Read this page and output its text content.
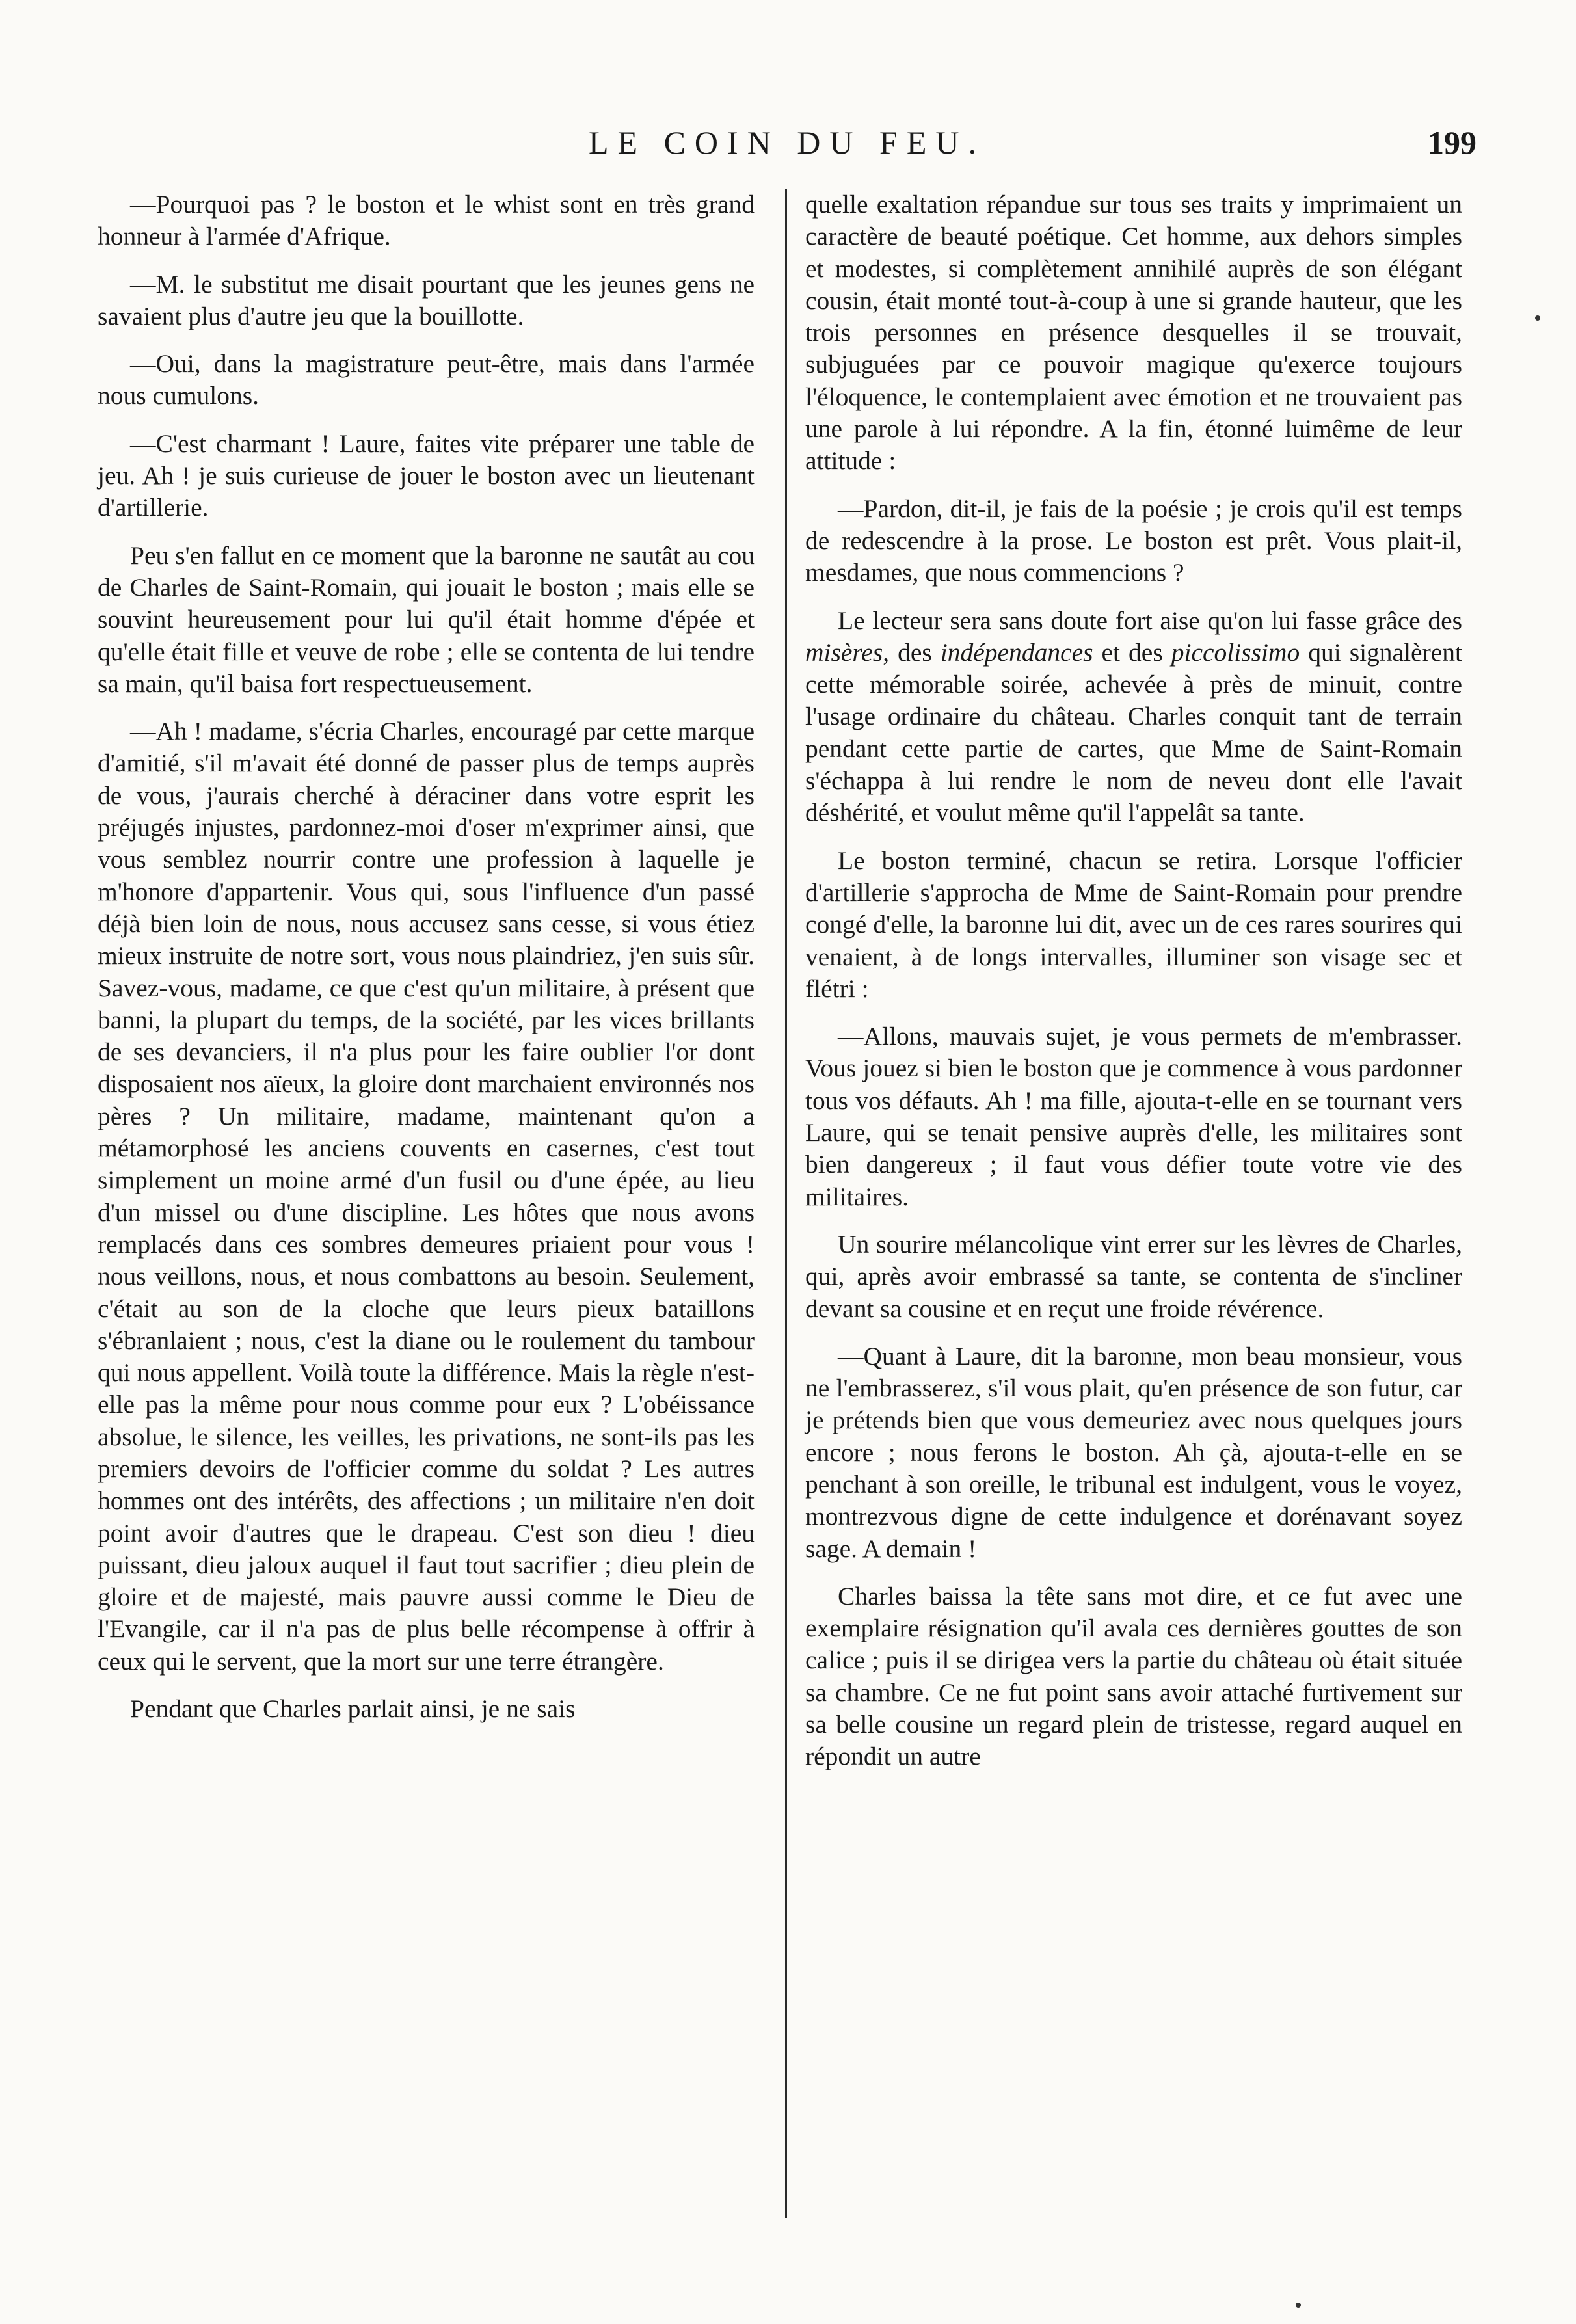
LE COIN DU FEU.	199

—Pourquoi pas ? le boston et le whist sont en très grand honneur à l'armée d'Afrique.

—M. le substitut me disait pourtant que les jeunes gens ne savaient plus d'autre jeu que la bouillotte.

—Oui, dans la magistrature peut-être, mais dans l'armée nous cumulons.

—C'est charmant ! Laure, faites vite préparer une table de jeu. Ah ! je suis curieuse de jouer le boston avec un lieutenant d'artillerie.

Peu s'en fallut en ce moment que la baronne ne sautât au cou de Charles de Saint-Romain, qui jouait le boston ; mais elle se souvint heureusement pour lui qu'il était homme d'épée et qu'elle était fille et veuve de robe ; elle se contenta de lui tendre sa main, qu'il baisa fort respectueusement.

—Ah ! madame, s'écria Charles, encouragé par cette marque d'amitié, s'il m'avait été donné de passer plus de temps auprès de vous, j'aurais cherché à déraciner dans votre esprit les préjugés injustes, pardonnez-moi d'oser m'exprimer ainsi, que vous semblez nourrir contre une profession à laquelle je m'honore d'appartenir. Vous qui, sous l'influence d'un passé déjà bien loin de nous, nous accusez sans cesse, si vous étiez mieux instruite de notre sort, vous nous plaindriez, j'en suis sûr. Savez-vous, madame, ce que c'est qu'un militaire, à présent que banni, la plupart du temps, de la société, par les vices brillants de ses devanciers, il n'a plus pour les faire oublier l'or dont disposaient nos aïeux, la gloire dont marchaient environnés nos pères ? Un militaire, madame, maintenant qu'on a métamorphosé les anciens couvents en casernes, c'est tout simplement un moine armé d'un fusil ou d'une épée, au lieu d'un missel ou d'une discipline. Les hôtes que nous avons remplacés dans ces sombres demeures priaient pour vous ! nous veillons, nous, et nous combattons au besoin. Seulement, c'était au son de la cloche que leurs pieux bataillons s'ébranlaient ; nous, c'est la diane ou le roulement du tambour qui nous appellent. Voilà toute la différence. Mais la règle n'est-elle pas la même pour nous comme pour eux ? L'obéissance absolue, le silence, les veilles, les privations, ne sont-ils pas les premiers devoirs de l'officier comme du soldat ? Les autres hommes ont des intérêts, des affections ; un militaire n'en doit point avoir d'autres que le drapeau. C'est son dieu ! dieu puissant, dieu jaloux auquel il faut tout sacrifier ; dieu plein de gloire et de majesté, mais pauvre aussi comme le Dieu de l'Evangile, car il n'a pas de plus belle récompense à offrir à ceux qui le servent, que la mort sur une terre étrangère.

Pendant que Charles parlait ainsi, je ne sais

quelle exaltation répandue sur tous ses traits y imprimaient un caractère de beauté poétique. Cet homme, aux dehors simples et modestes, si complètement annihilé auprès de son élégant cousin, était monté tout-à-coup à une si grande hauteur, que les trois personnes en présence desquelles il se trouvait, subjuguées par ce pouvoir magique qu'exerce toujours l'éloquence, le contemplaient avec émotion et ne trouvaient pas une parole à lui répondre. A la fin, étonné luimême de leur attitude :

—Pardon, dit-il, je fais de la poésie ; je crois qu'il est temps de redescendre à la prose. Le boston est prêt. Vous plait-il, mesdames, que nous commencions ?

Le lecteur sera sans doute fort aise qu'on lui fasse grâce des misères, des indépendances et des piccolissimo qui signalèrent cette mémorable soirée, achevée à près de minuit, contre l'usage ordinaire du château. Charles conquit tant de terrain pendant cette partie de cartes, que Mme de Saint-Romain s'échappa à lui rendre le nom de neveu dont elle l'avait déshérité, et voulut même qu'il l'appelât sa tante.

Le boston terminé, chacun se retira. Lorsque l'officier d'artillerie s'approcha de Mme de Saint-Romain pour prendre congé d'elle, la baronne lui dit, avec un de ces rares sourires qui venaient, à de longs intervalles, illuminer son visage sec et flétri :

—Allons, mauvais sujet, je vous permets de m'embrasser. Vous jouez si bien le boston que je commence à vous pardonner tous vos défauts. Ah ! ma fille, ajouta-t-elle en se tournant vers Laure, qui se tenait pensive auprès d'elle, les militaires sont bien dangereux ; il faut vous défier toute votre vie des militaires.

Un sourire mélancolique vint errer sur les lèvres de Charles, qui, après avoir embrassé sa tante, se contenta de s'incliner devant sa cousine et en reçut une froide révérence.

—Quant à Laure, dit la baronne, mon beau monsieur, vous ne l'embrasserez, s'il vous plait, qu'en présence de son futur, car je prétends bien que vous demeuriez avec nous quelques jours encore ; nous ferons le boston. Ah çà, ajouta-t-elle en se penchant à son oreille, le tribunal est indulgent, vous le voyez, montrezvous digne de cette indulgence et dorénavant soyez sage. A demain !

Charles baissa la tête sans mot dire, et ce fut avec une exemplaire résignation qu'il avala ces dernières gouttes de son calice ; puis il se dirigea vers la partie du château où était située sa chambre. Ce ne fut point sans avoir attaché furtivement sur sa belle cousine un regard plein de tristesse, regard auquel en répondit un autre
